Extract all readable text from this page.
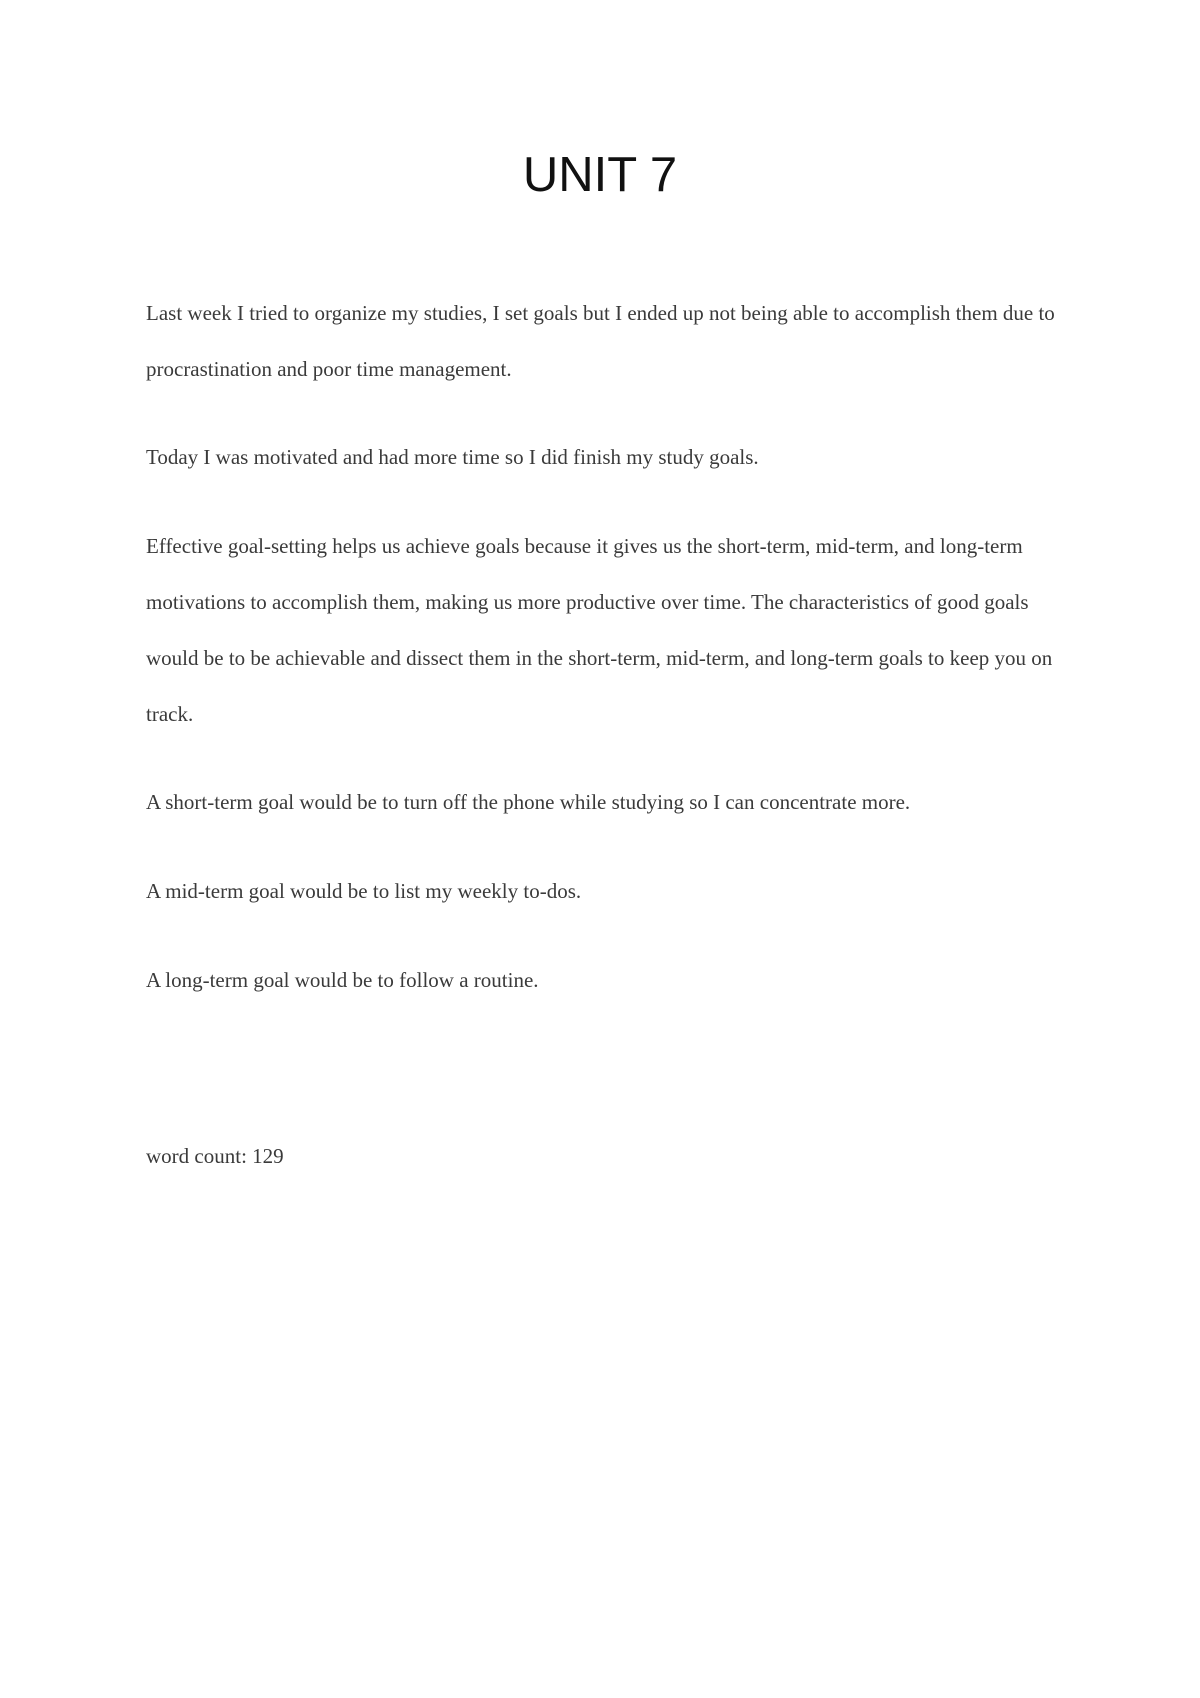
UNIT 7

Last week I tried to organize my studies, I set goals but I ended up not being able to accomplish them due to procrastination and poor time management.

Today I was motivated and had more time so I did finish my study goals.

Effective goal-setting helps us achieve goals because it gives us the short-term, mid-term, and long-term motivations to accomplish them, making us more productive over time. The characteristics of good goals would be to be achievable and dissect them in the short-term, mid-term, and long-term goals to keep you on track.

A short-term goal would be to turn off the phone while studying so I can concentrate more.

A mid-term goal would be to list my weekly to-dos.

A long-term goal would be to follow a routine.

word count: 129
